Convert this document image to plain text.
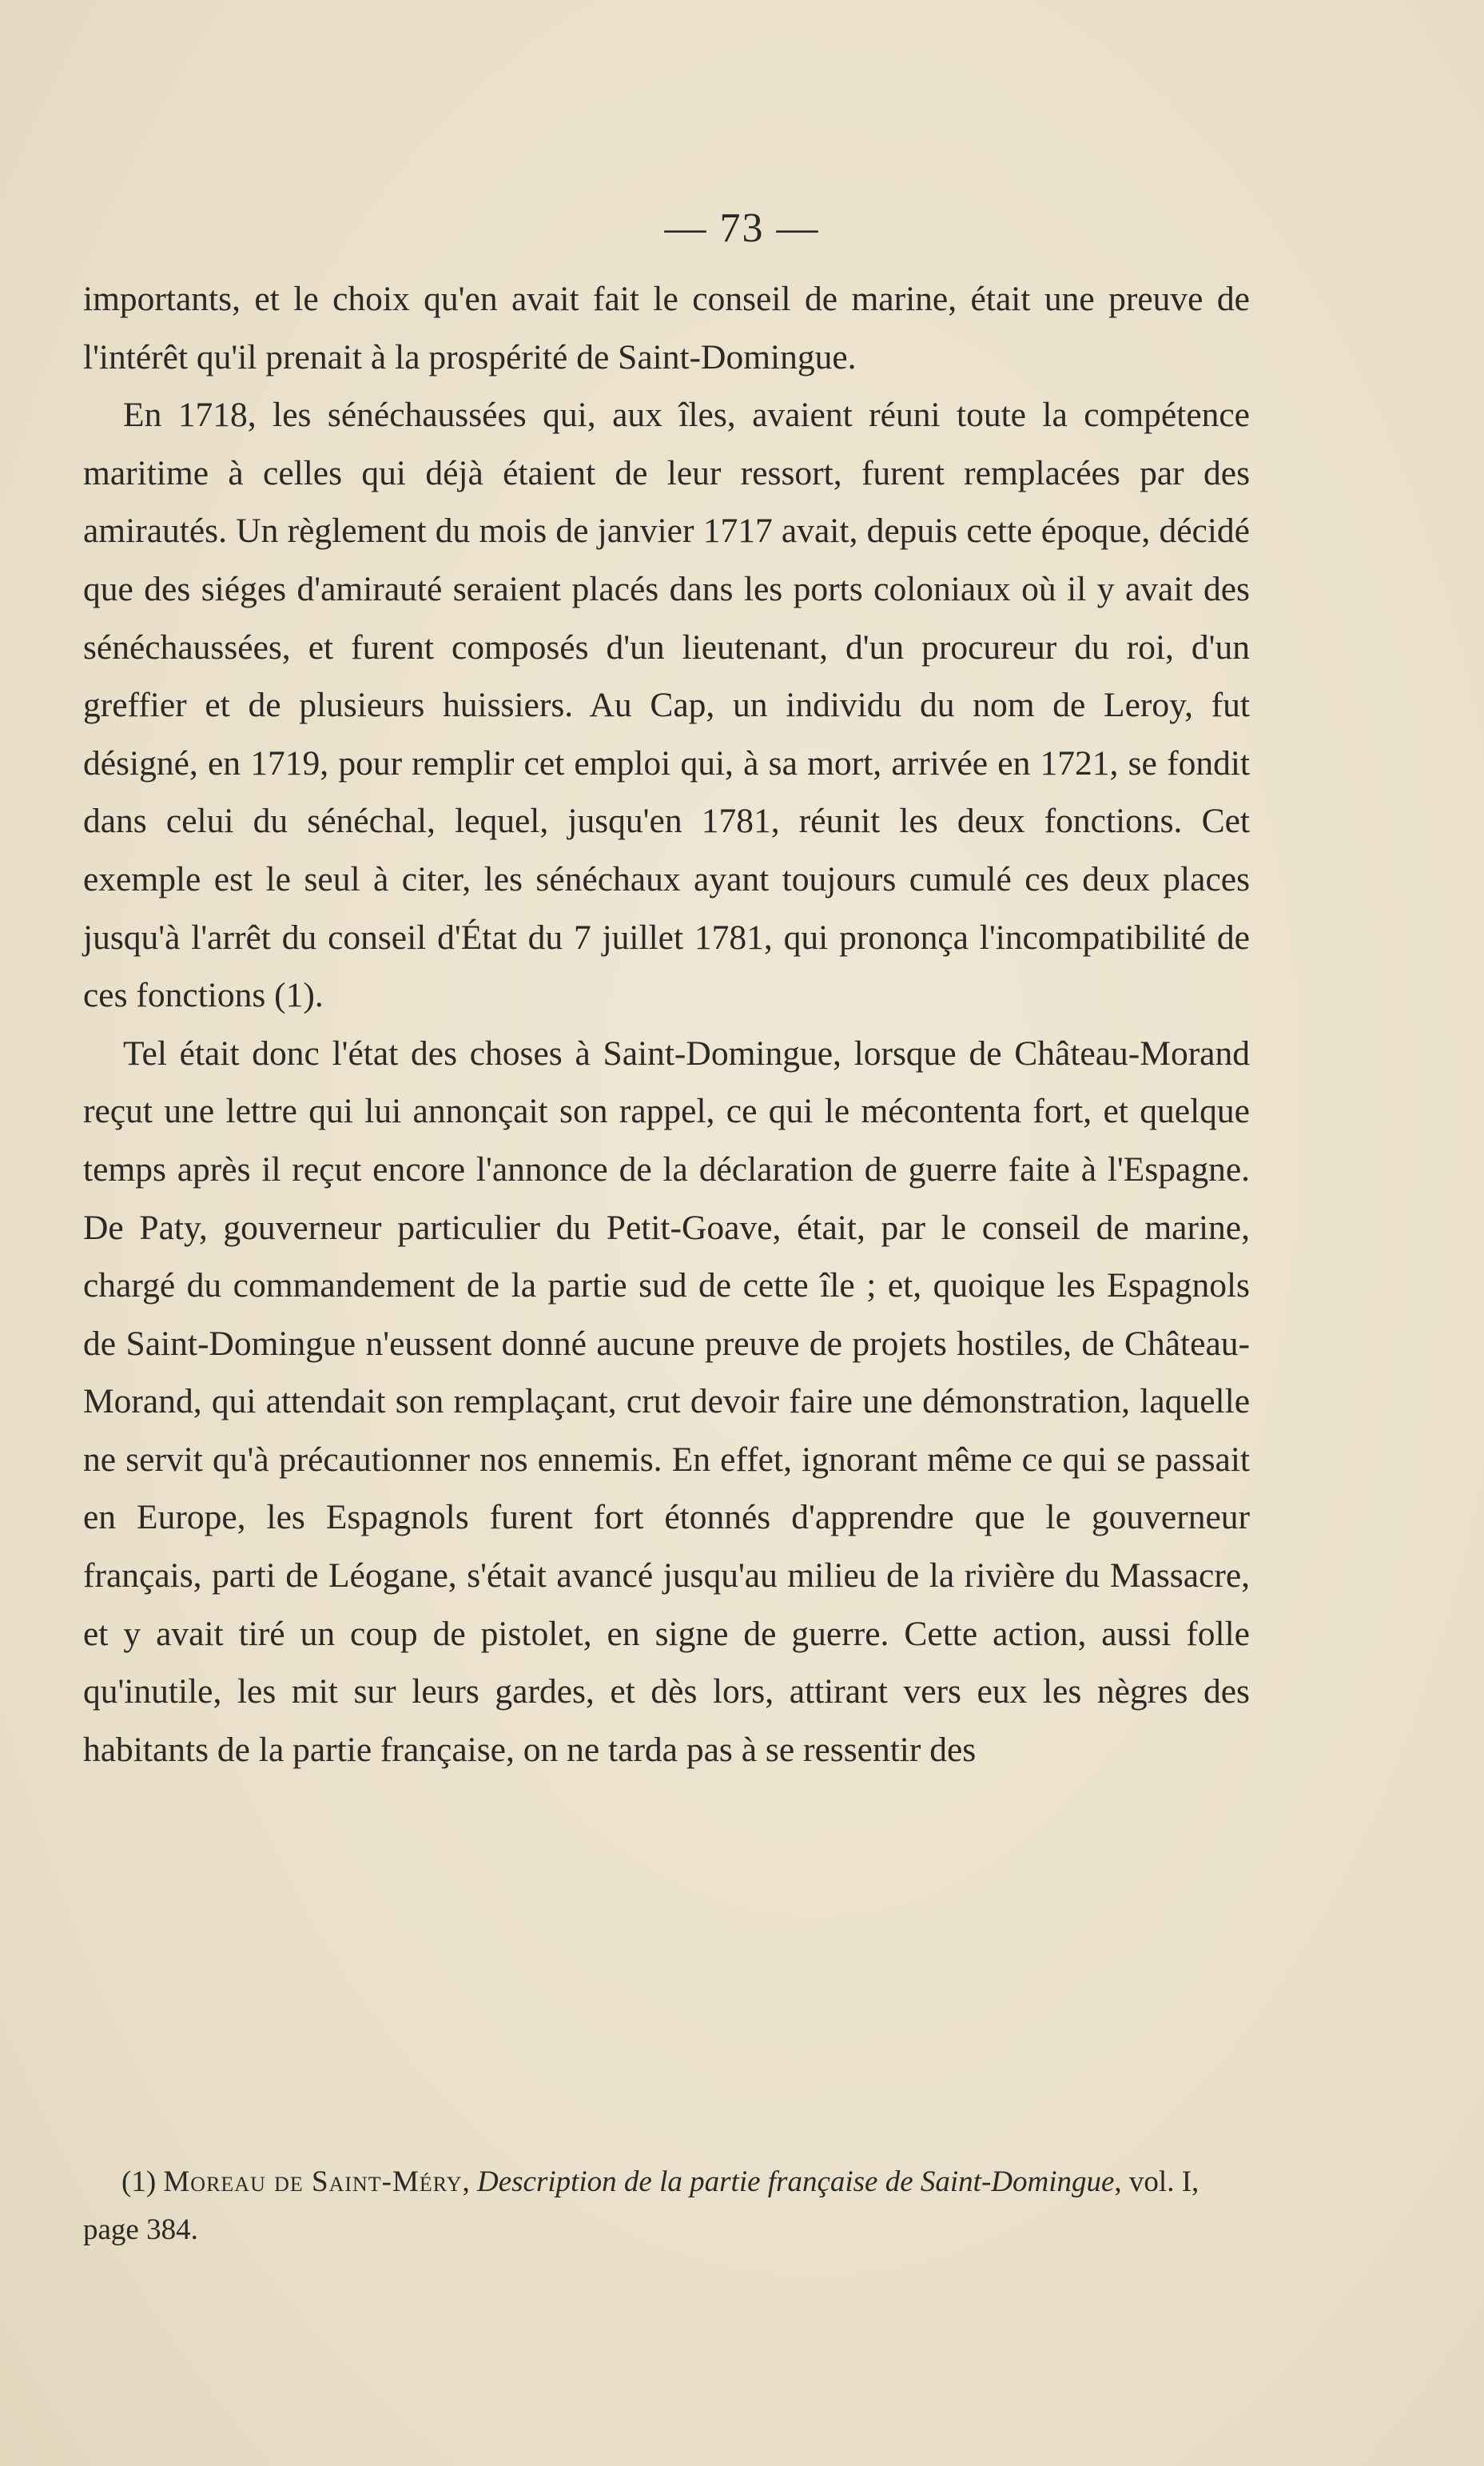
— 73 —

importants, et le choix qu'en avait fait le conseil de marine, était une preuve de l'intérêt qu'il prenait à la prospérité de Saint-Domingue.

En 1718, les sénéchaussées qui, aux îles, avaient réuni toute la compétence maritime à celles qui déjà étaient de leur ressort, furent remplacées par des amirautés. Un règlement du mois de janvier 1717 avait, depuis cette époque, décidé que des siéges d'amirauté seraient placés dans les ports coloniaux où il y avait des sénéchaussées, et furent composés d'un lieutenant, d'un procureur du roi, d'un greffier et de plusieurs huissiers. Au Cap, un individu du nom de Leroy, fut désigné, en 1719, pour remplir cet emploi qui, à sa mort, arrivée en 1721, se fondit dans celui du sénéchal, lequel, jusqu'en 1781, réunit les deux fonctions. Cet exemple est le seul à citer, les sénéchaux ayant toujours cumulé ces deux places jusqu'à l'arrêt du conseil d'État du 7 juillet 1781, qui prononça l'incompatibilité de ces fonctions (1).

Tel était donc l'état des choses à Saint-Domingue, lorsque de Château-Morand reçut une lettre qui lui annonçait son rappel, ce qui le mécontenta fort, et quelque temps après il reçut encore l'annonce de la déclaration de guerre faite à l'Espagne. De Paty, gouverneur particulier du Petit-Goave, était, par le conseil de marine, chargé du commandement de la partie sud de cette île ; et, quoique les Espagnols de Saint-Domingue n'eussent donné aucune preuve de projets hostiles, de Château-Morand, qui attendait son remplaçant, crut devoir faire une démonstration, laquelle ne servit qu'à précautionner nos ennemis. En effet, ignorant même ce qui se passait en Europe, les Espagnols furent fort étonnés d'apprendre que le gouverneur français, parti de Léogane, s'était avancé jusqu'au milieu de la rivière du Massacre, et y avait tiré un coup de pistolet, en signe de guerre. Cette action, aussi folle qu'inutile, les mit sur leurs gardes, et dès lors, attirant vers eux les nègres des habitants de la partie française, on ne tarda pas à se ressentir des

(1) Moreau de Saint-Méry, Description de la partie française de Saint-Domingue, vol. I, page 384.
